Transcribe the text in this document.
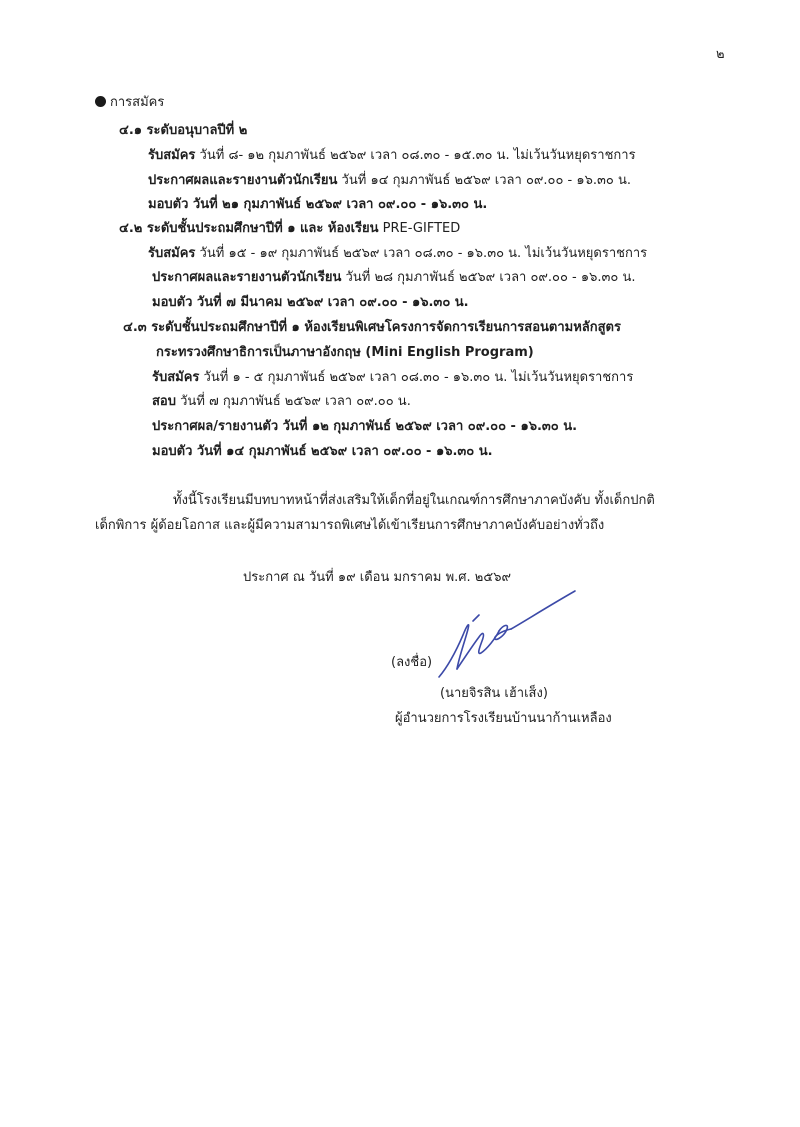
๒
การสมัคร
๔.๑ ระดับอนุบาลปีที่ ๒
รับสมัคร วันที่ ๘- ๑๒ กุมภาพันธ์ ๒๕๖๙ เวลา ๐๘.๓๐ - ๑๕.๓๐ น. ไม่เว้นวันหยุดราชการ
ประกาศผลและรายงานตัวนักเรียน วันที่ ๑๔ กุมภาพันธ์ ๒๕๖๙ เวลา ๐๙.๐๐ - ๑๖.๓๐ น.
มอบตัว วันที่ ๒๑ กุมภาพันธ์ ๒๕๖๙ เวลา ๐๙.๐๐ - ๑๖.๓๐ น.
๔.๒ ระดับชั้นประถมศึกษาปีที่ ๑ และ ห้องเรียน PRE-GIFTED
รับสมัคร วันที่ ๑๕ - ๑๙ กุมภาพันธ์ ๒๕๖๙ เวลา ๐๘.๓๐ - ๑๖.๓๐ น. ไม่เว้นวันหยุดราชการ
ประกาศผลและรายงานตัวนักเรียน วันที่ ๒๘ กุมภาพันธ์ ๒๕๖๙ เวลา ๐๙.๐๐ - ๑๖.๓๐ น.
มอบตัว วันที่ ๗ มีนาคม ๒๕๖๙ เวลา ๐๙.๐๐ - ๑๖.๓๐ น.
๔.๓ ระดับชั้นประถมศึกษาปีที่ ๑ ห้องเรียนพิเศษโครงการจัดการเรียนการสอนตามหลักสูตร
กระทรวงศึกษาธิการเป็นภาษาอังกฤษ (Mini English Program)
รับสมัคร วันที่ ๑ - ๕ กุมภาพันธ์ ๒๕๖๙ เวลา ๐๘.๓๐ - ๑๖.๓๐ น. ไม่เว้นวันหยุดราชการ
สอบ วันที่ ๗ กุมภาพันธ์ ๒๕๖๙ เวลา ๐๙.๐๐ น.
ประกาศผล/รายงานตัว วันที่ ๑๒ กุมภาพันธ์ ๒๕๖๙ เวลา ๐๙.๐๐ - ๑๖.๓๐ น.
มอบตัว วันที่ ๑๔ กุมภาพันธ์ ๒๕๖๙ เวลา ๐๙.๐๐ - ๑๖.๓๐ น.
ทั้งนี้โรงเรียนมีบทบาทหน้าที่ส่งเสริมให้เด็กที่อยู่ในเกณฑ์การศึกษาภาคบังคับ ทั้งเด็กปกติ
เด็กพิการ ผู้ด้อยโอกาส และผู้มีความสามารถพิเศษได้เข้าเรียนการศึกษาภาคบังคับอย่างทั่วถึง
ประกาศ ณ วันที่ ๑๙ เดือน มกราคม พ.ศ. ๒๕๖๙
(ลงชื่อ)
(นายจิรสิน เฮ้าเส็ง)
ผู้อำนวยการโรงเรียนบ้านนาก้านเหลือง
